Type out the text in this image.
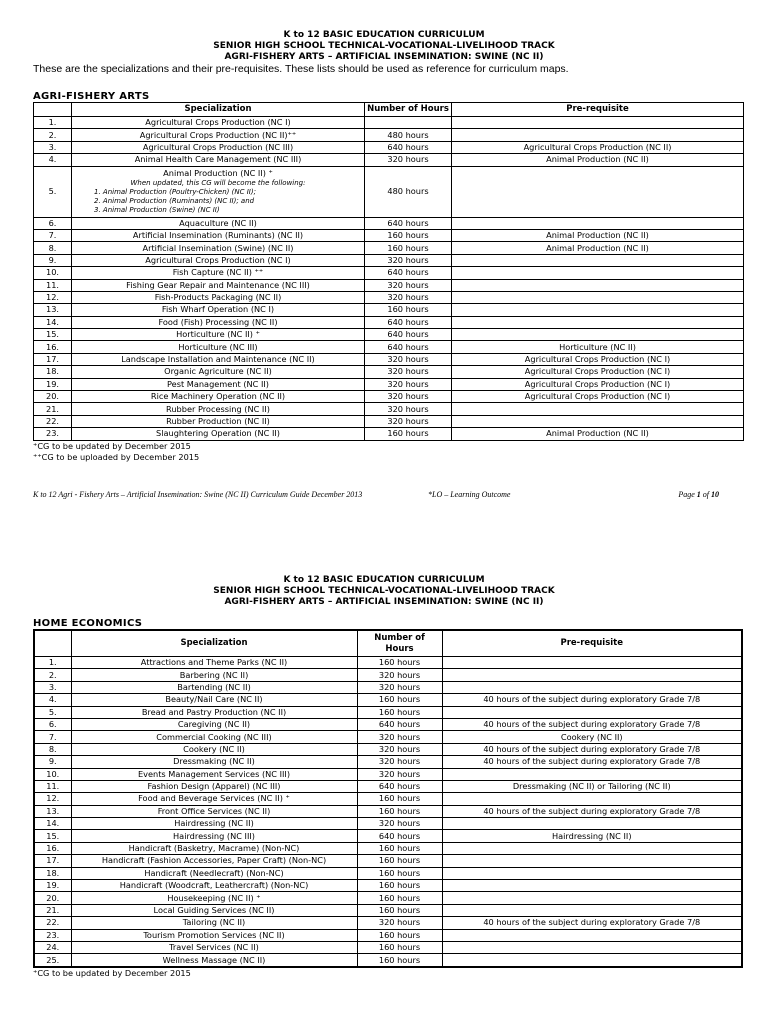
K to 12 BASIC EDUCATION CURRICULUM
SENIOR HIGH SCHOOL TECHNICAL-VOCATIONAL-LIVELIHOOD TRACK
AGRI-FISHERY ARTS – ARTIFICIAL INSEMINATION: SWINE (NC II)
These are the specializations and their pre-requisites. These lists should be used as reference for curriculum maps.
AGRI-FISHERY ARTS
	Specialization	Number of Hours	Pre-requisite
1.	Agricultural Crops Production (NC I)		
2.	Agricultural Crops Production (NC II)⁺⁺	480 hours	
3.	Agricultural Crops Production (NC III)	640 hours	Agricultural Crops Production (NC II)
4.	Animal Health Care Management (NC III)	320 hours	Animal Production (NC II)
5.	Animal Production (NC II) ⁺
When updated, this CG will become the following:
1. Animal Production (Poultry-Chicken) (NC II);
2. Animal Production (Ruminants) (NC II); and
3. Animal Production (Swine) (NC II)	480 hours	
6.	Aquaculture (NC II)	640 hours	
7.	Artificial Insemination (Ruminants) (NC II)	160 hours	Animal Production (NC II)
8.	Artificial Insemination (Swine) (NC II)	160 hours	Animal Production (NC II)
9.	Agricultural Crops Production (NC I)	320 hours	
10.	Fish Capture (NC II) ⁺⁺	640 hours	
11.	Fishing Gear Repair and Maintenance (NC III)	320 hours	
12.	Fish-Products Packaging (NC II)	320 hours	
13.	Fish Wharf Operation (NC I)	160 hours	
14.	Food (Fish) Processing (NC II)	640 hours	
15.	Horticulture (NC II) ⁺	640 hours	
16.	Horticulture (NC III)	640 hours	Horticulture (NC II)
17.	Landscape Installation and Maintenance (NC II)	320 hours	Agricultural Crops Production (NC I)
18.	Organic Agriculture (NC II)	320 hours	Agricultural Crops Production (NC I)
19.	Pest Management (NC II)	320 hours	Agricultural Crops Production (NC I)
20.	Rice Machinery Operation (NC II)	320 hours	Agricultural Crops Production (NC I)
21.	Rubber Processing (NC II)	320 hours	
22.	Rubber Production (NC II)	320 hours	
23.	Slaughtering Operation (NC II)	160 hours	Animal Production (NC II)
⁺CG to be updated by December 2015
⁺⁺CG to be uploaded by December 2015
K to 12 Agri - Fishery Arts – Artificial Insemination: Swine (NC II) Curriculum Guide December 2013	*LO – Learning Outcome	Page 1 of 10
K to 12 BASIC EDUCATION CURRICULUM
SENIOR HIGH SCHOOL TECHNICAL-VOCATIONAL-LIVELIHOOD TRACK
AGRI-FISHERY ARTS – ARTIFICIAL INSEMINATION: SWINE (NC II)
HOME ECONOMICS
	Specialization	Number of Hours	Pre-requisite
1.	Attractions and Theme Parks (NC II)	160 hours	
2.	Barbering (NC II)	320 hours	
3.	Bartending (NC II)	320 hours	
4.	Beauty/Nail Care (NC II)	160 hours	40 hours of the subject during exploratory Grade 7/8
5.	Bread and Pastry Production (NC II)	160 hours	
6.	Caregiving (NC II)	640 hours	40 hours of the subject during exploratory Grade 7/8
7.	Commercial Cooking (NC III)	320 hours	Cookery (NC II)
8.	Cookery (NC II)	320 hours	40 hours of the subject during exploratory Grade 7/8
9.	Dressmaking (NC II)	320 hours	40 hours of the subject during exploratory Grade 7/8
10.	Events Management Services (NC III)	320 hours	
11.	Fashion Design (Apparel) (NC III)	640 hours	Dressmaking (NC II) or Tailoring (NC II)
12.	Food and Beverage Services (NC II) ⁺	160 hours	
13.	Front Office Services (NC II)	160 hours	40 hours of the subject during exploratory Grade 7/8
14.	Hairdressing (NC II)	320 hours	
15.	Hairdressing (NC III)	640 hours	Hairdressing (NC II)
16.	Handicraft (Basketry, Macrame) (Non-NC)	160 hours	
17.	Handicraft (Fashion Accessories, Paper Craft) (Non-NC)	160 hours	
18.	Handicraft (Needlecraft) (Non-NC)	160 hours	
19.	Handicraft (Woodcraft, Leathercraft) (Non-NC)	160 hours	
20.	Housekeeping (NC II) ⁺	160 hours	
21.	Local Guiding Services (NC II)	160 hours	
22.	Tailoring (NC II)	320 hours	40 hours of the subject during exploratory Grade 7/8
23.	Tourism Promotion Services (NC II)	160 hours	
24.	Travel Services (NC II)	160 hours	
25.	Wellness Massage (NC II)	160 hours	
⁺CG to be updated by December 2015
